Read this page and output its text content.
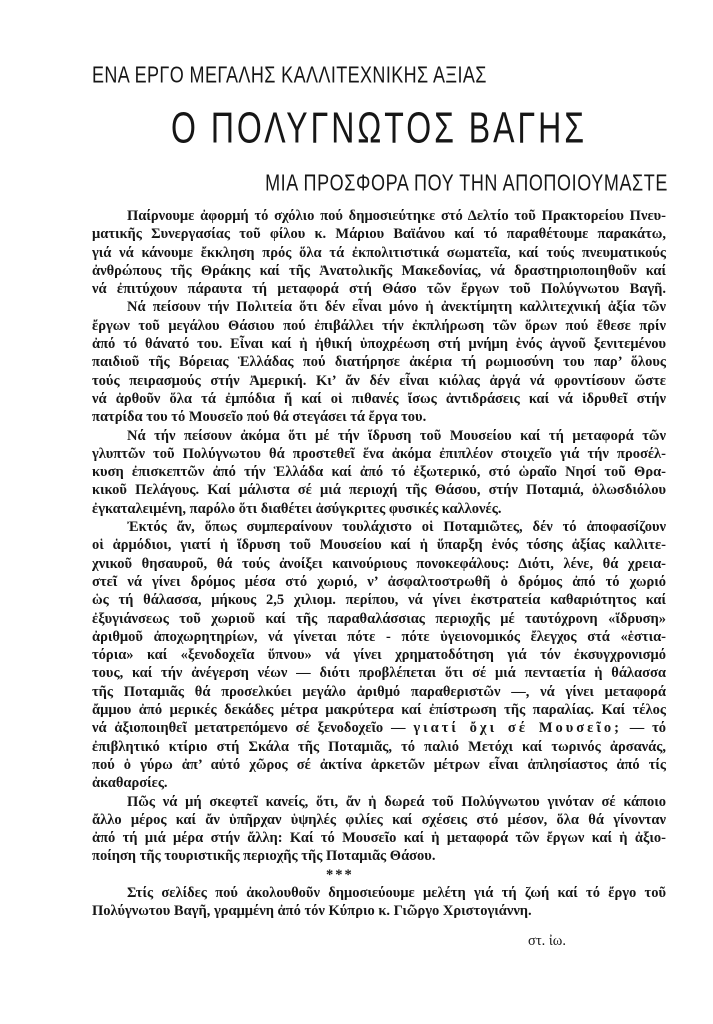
ΕΝΑ ΕΡΓΟ ΜΕΓΑΛΗΣ ΚΑΛΛΙΤΕΧΝΙΚΗΣ ΑΞΙΑΣ
Ο ΠΟΛΥΓΝΩΤΟΣ ΒΑΓΗΣ
ΜΙΑ ΠΡΟΣΦΟΡΑ ΠΟΥ ΤΗΝ ΑΠΟΠΟΙΟΥΜΑΣΤΕ
Παίρνουμε ἀφορμή τό σχόλιο πού δημοσιεύτηκε στό Δελτίο τοῦ Πρακτορείου Πνευ-
ματικῆς Συνεργασίας τοῦ φίλου κ. Μάριου Βαϊάνου καί τό παραθέτουμε παρακάτω,
γιά νά κάνουμε ἔκκληση πρός ὅλα τά ἐκπολιτιστικά σωματεῖα, καί τούς πνευματικούς
ἀνθρώπους τῆς Θράκης καί τῆς Ἀνατολικῆς Μακεδονίας, νά δραστηριοποιηθοῦν καί
νά ἐπιτύχουν πάραυτα τή μεταφορά στή Θάσο τῶν ἔργων τοῦ Πολύγνωτου Βαγῆ.
Νά πείσουν τήν Πολιτεία ὅτι δέν εἶναι μόνο ἡ ἀνεκτίμητη καλλιτεχνική ἀξία τῶν
ἔργων τοῦ μεγάλου Θάσιου πού ἐπιβάλλει τήν ἐκπλήρωση τῶν ὅρων πού ἔθεσε πρίν
ἀπό τό θάνατό του. Εἶναι καί ἡ ἠθική ὑποχρέωση στή μνήμη ἑνός ἁγνοῦ ξενιτεμένου
παιδιοῦ τῆς Βόρειας Ἑλλάδας πού διατήρησε ἀκέρια τή ρωμιοσύνη του παρ’ ὅλους
τούς πειρασμούς στήν Ἀμερική. Κι’ ἄν δέν εἶναι κιόλας ἀργά νά φροντίσουν ὥστε
νά ἀρθοῦν ὅλα τά ἐμπόδια ἤ καί οἱ πιθανές ἴσως ἀντιδράσεις καί νά ἱδρυθεῖ στήν
πατρίδα του τό Μουσεῖο πού θά στεγάσει τά ἔργα του.
Νά τήν πείσουν ἀκόμα ὅτι μέ τήν ἵδρυση τοῦ Μουσείου καί τή μεταφορά τῶν
γλυπτῶν τοῦ Πολύγνωτου θά προστεθεῖ ἕνα ἀκόμα ἐπιπλέον στοιχεῖο γιά τήν προσέλ-
κυση ἐπισκεπτῶν ἀπό τήν Ἑλλάδα καί ἀπό τό ἐξωτερικό, στό ὡραῖο Νησί τοῦ Θρα-
κικοῦ Πελάγους. Καί μάλιστα σέ μιά περιοχή τῆς Θάσου, στήν Ποταμιά, ὁλωσδιόλου
ἐγκαταλειμένη, παρόλο ὅτι διαθέτει ἀσύγκριτες φυσικές καλλονές.
Ἐκτός ἄν, ὅπως συμπεραίνουν τουλάχιστο οἱ Ποταμιῶτες, δέν τό ἀποφασίζουν
οἱ ἁρμόδιοι, γιατί ἡ ἵδρυση τοῦ Μουσείου καί ἡ ὕπαρξη ἑνός τόσης ἀξίας καλλιτε-
χνικοῦ θησαυροῦ, θά τούς ἀνοίξει καινούριους πονοκεφάλους: Διότι, λένε, θά χρεια-
στεῖ νά γίνει δρόμος μέσα στό χωριό, ν’ ἀσφαλτοστρωθῆ ὁ δρόμος ἀπό τό χωριό
ὡς τή θάλασσα, μήκους 2,5 χιλιομ. περίπου, νά γίνει ἐκστρατεία καθαριότητος καί
ἐξυγιάνσεως τοῦ χωριοῦ καί τῆς παραθαλάσσιας περιοχῆς μέ ταυτόχρονη «ἵδρυση»
ἀριθμοῦ ἀποχωρητηρίων, νά γίνεται πότε - πότε ὑγειονομικός ἔλεγχος στά «ἑστια-
τόρια» καί «ξενοδοχεῖα ὕπνου» νά γίνει χρηματοδότηση γιά τόν ἐκσυγχρονισμό
τους, καί τήν ἀνέγερση νέων — διότι προβλέπεται ὅτι σέ μιά πενταετία ἡ θάλασσα
τῆς Ποταμιᾶς θά προσελκύει μεγάλο ἀριθμό παραθεριστῶν —, νά γίνει μεταφορά
ἄμμου ἀπό μερικές δεκάδες μέτρα μακρύτερα καί ἐπίστρωση τῆς παραλίας. Καί τέλος
νά ἀξιοποιηθεῖ μετατρεπόμενο σέ ξενοδοχεῖο — γιατί ὄχι σέ Μουσεῖο; — τό
ἐπιβλητικό κτίριο στή Σκάλα τῆς Ποταμιᾶς, τό παλιό Μετόχι καί τωρινός ἀρσανάς,
πού ὁ γύρω ἀπ’ αὐτό χῶρος σέ ἀκτίνα ἀρκετῶν μέτρων εἶναι ἀπλησίαστος ἀπό τίς
ἀκαθαρσίες.
Πῶς νά μή σκεφτεῖ κανείς, ὅτι, ἄν ἡ δωρεά τοῦ Πολύγνωτου γινόταν σέ κάποιο
ἄλλο μέρος καί ἄν ὑπῆρχαν ὑψηλές φιλίες καί σχέσεις στό μέσον, ὅλα θά γίνονταν
ἀπό τή μιά μέρα στήν ἄλλη: Καί τό Μουσεῖο καί ἡ μεταφορά τῶν ἔργων καί ἡ ἀξιο-
ποίηση τῆς τουριστικῆς περιοχῆς τῆς Ποταμιᾶς Θάσου.
***
Στίς σελίδες πού ἀκολουθοῦν δημοσιεύουμε μελέτη γιά τή ζωή καί τό ἔργο τοῦ
Πολύγνωτου Βαγῆ, γραμμένη ἀπό τόν Κύπριο κ. Γιῶργο Χριστογιάννη.
στ. ἰω.
